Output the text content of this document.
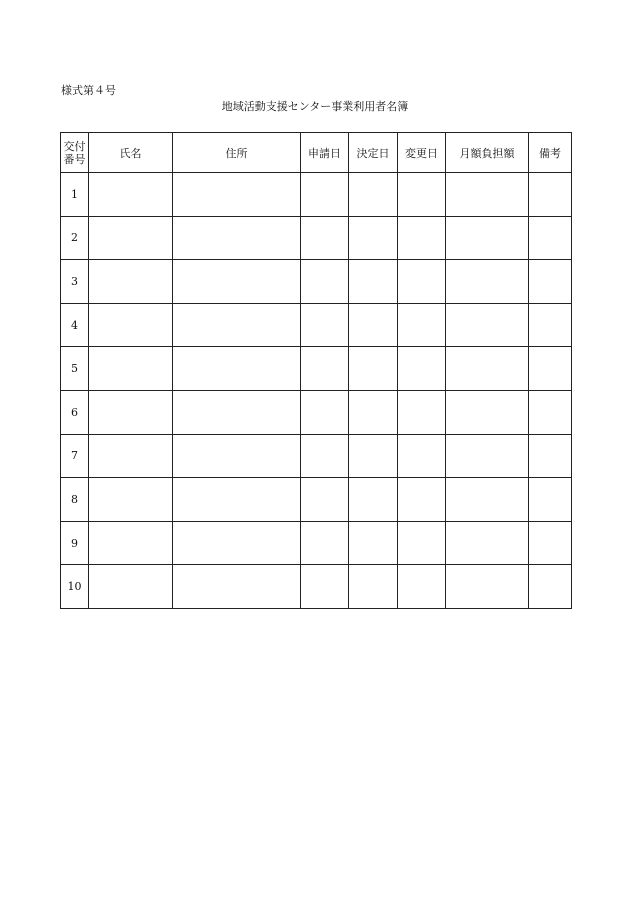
様式第４号
地域活動支援センター事業利用者名簿
交付
番号	氏名	住所	申請日	決定日	変更日	月額負担額	備考
1							
2							
3							
4							
5							
6							
7							
8							
9							
10							
